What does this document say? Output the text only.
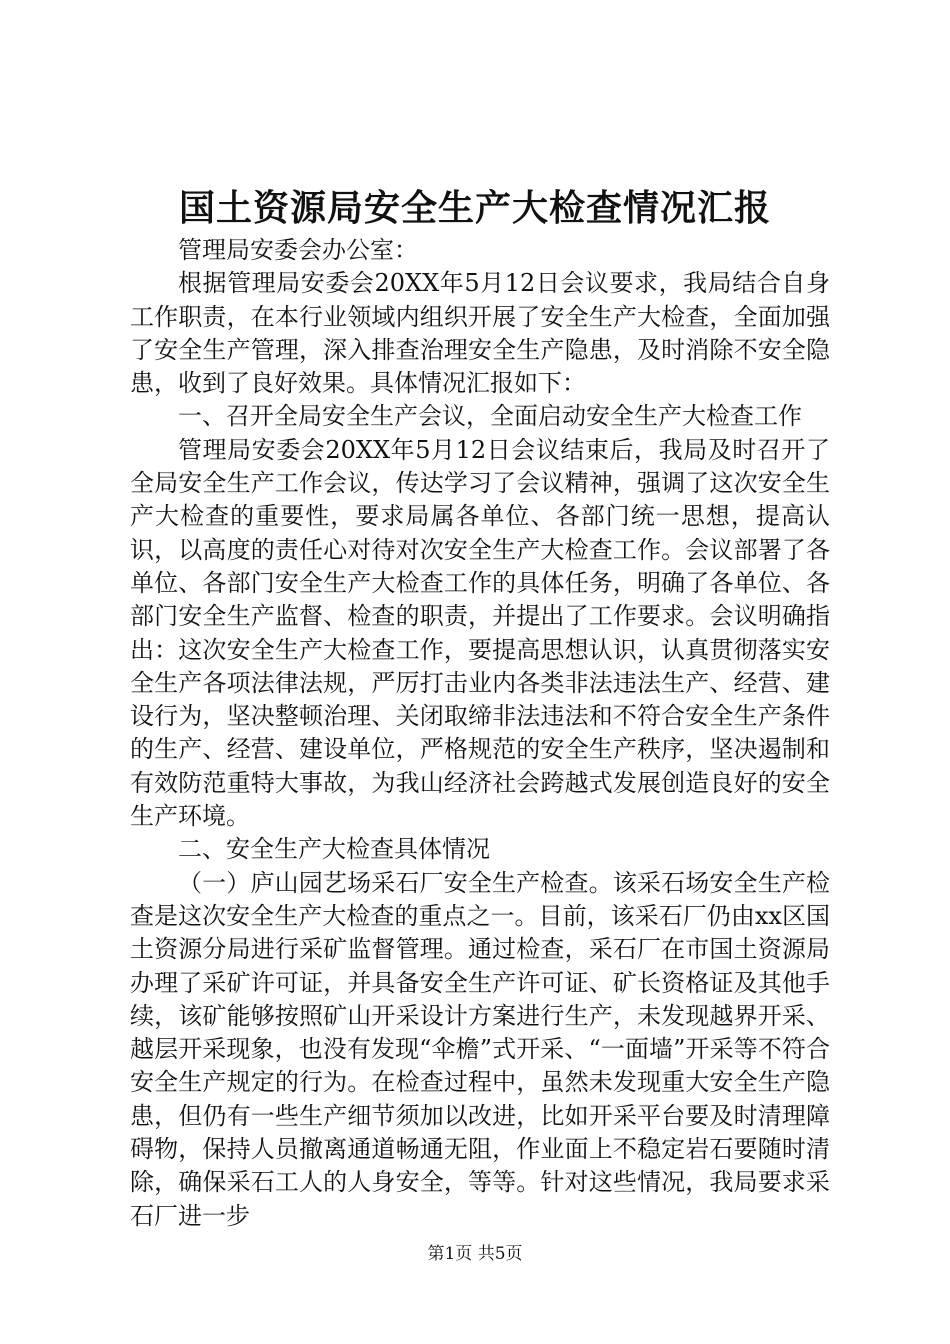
国土资源局安全生产大检查情况汇报

管理局安委会办公室：

根据管理局安委会20XX年5月12日会议要求，我局结合自身工作职责，在本行业领域内组织开展了安全生产大检查，全面加强了安全生产管理，深入排查治理安全生产隐患，及时消除不安全隐患，收到了良好效果。具体情况汇报如下：

一、召开全局安全生产会议，全面启动安全生产大检查工作

管理局安委会20XX年5月12日会议结束后，我局及时召开了全局安全生产工作会议，传达学习了会议精神，强调了这次安全生产大检查的重要性，要求局属各单位、各部门统一思想，提高认识，以高度的责任心对待对次安全生产大检查工作。会议部署了各单位、各部门安全生产大检查工作的具体任务，明确了各单位、各部门安全生产监督、检查的职责，并提出了工作要求。会议明确指出：这次安全生产大检查工作，要提高思想认识，认真贯彻落实安全生产各项法律法规，严厉打击业内各类非法违法生产、经营、建设行为，坚决整顿治理、关闭取缔非法违法和不符合安全生产条件的生产、经营、建设单位，严格规范的安全生产秩序，坚决遏制和有效防范重特大事故，为我山经济社会跨越式发展创造良好的安全生产环境。

二、安全生产大检查具体情况

（一）庐山园艺场采石厂安全生产检查。该采石场安全生产检查是这次安全生产大检查的重点之一。目前，该采石厂仍由xx区国土资源分局进行采矿监督管理。通过检查，采石厂在市国土资源局办理了采矿许可证，并具备安全生产许可证、矿长资格证及其他手续，该矿能够按照矿山开采设计方案进行生产，未发现越界开采、越层开采现象，也没有发现“伞檐”式开采、“一面墙”开采等不符合安全生产规定的行为。在检查过程中，虽然未发现重大安全生产隐患，但仍有一些生产细节须加以改进，比如开采平台要及时清理障碍物，保持人员撤离通道畅通无阻，作业面上不稳定岩石要随时清除，确保采石工人的人身安全，等等。针对这些情况，我局要求采石厂进一步

第1页 共5页
